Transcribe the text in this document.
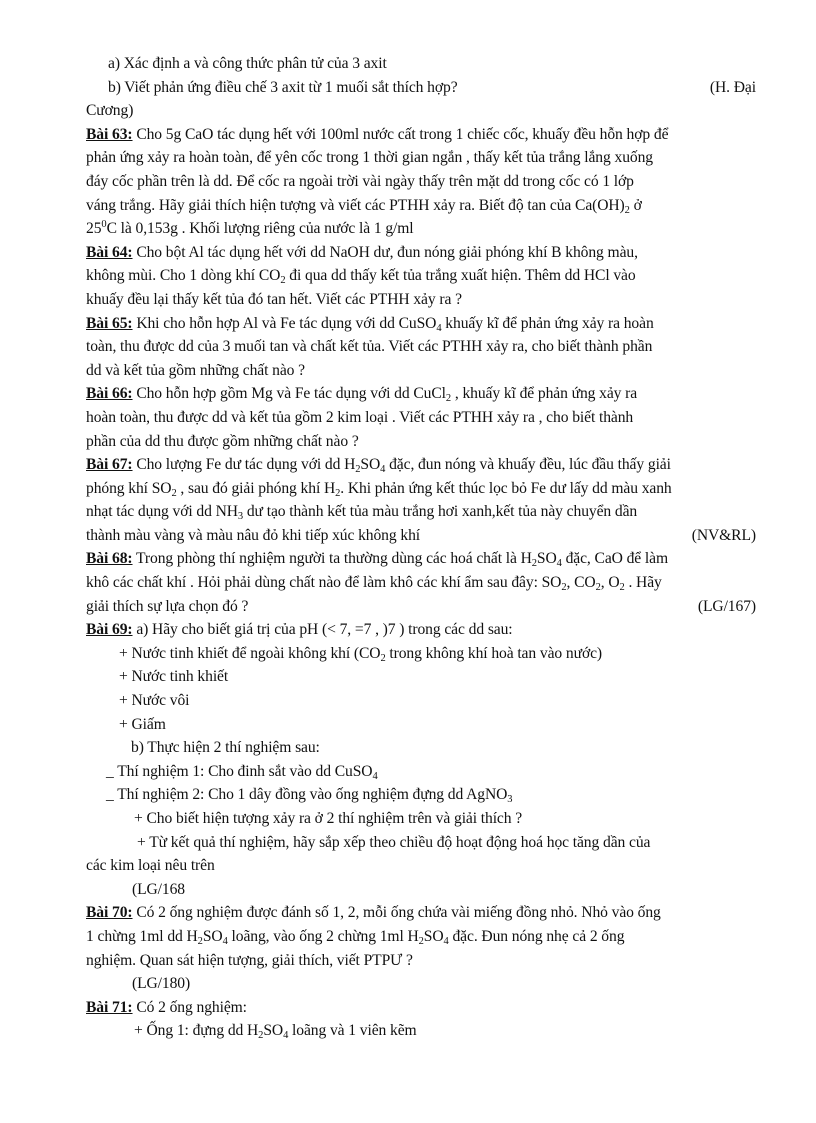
a) Xác định a và công thức phân tử của 3 axit
b) Viết phản ứng điều chế 3 axit từ 1 muối sắt thích hợp?	(H. Đại
Cương)
Bài 63: Cho 5g CaO tác dụng hết với 100ml nước cất trong 1 chiếc cốc, khuấy đều hỗn hợp để
phản ứng xảy ra hoàn toàn, để yên cốc trong 1 thời gian ngắn , thấy kết tủa trắng lắng xuống
đáy cốc phần trên là dd. Để cốc ra ngoài trời vài ngày thấy trên mặt dd trong cốc có 1 lớp
váng trắng. Hãy giải thích hiện tượng và viết các PTHH xảy ra. Biết độ tan của $Ca(OH)_2$ ở
$25^0C$ là 0,153g . Khối lượng riêng của nước là 1 g/ml
Bài 64: Cho bột Al tác dụng hết với dd NaOH dư, đun nóng giải phóng khí B không màu,
không mùi. Cho 1 dòng khí $CO_2$ đi qua dd thấy kết tủa trắng xuất hiện. Thêm dd HCl vào
khuấy đều lại thấy kết tủa đó tan hết. Viết các PTHH xảy ra ?
Bài 65: Khi cho hỗn hợp Al và Fe tác dụng với dd CuSO$_4$ khuấy kĩ để phản ứng xảy ra hoàn
toàn, thu được dd của 3 muối tan và chất kết tủa. Viết các PTHH xảy ra, cho biết thành phần
dd và kết tủa gồm những chất nào ?
Bài 66: Cho hỗn hợp gồm Mg và Fe tác dụng với dd CuCl$_2$ , khuấy kĩ để phản ứng xảy ra
hoàn toàn, thu được dd và kết tủa gồm 2 kim loại . Viết các PTHH xảy ra , cho biết thành
phần của dd thu được gồm những chất nào ?
Bài 67: Cho lượng Fe dư tác dụng với dd $H_2SO_4$ đặc, đun nóng và khuấy đều, lúc đầu thấy giải
phóng khí $SO_2$ , sau đó giải phóng khí $H_2$. Khi phản ứng kết thúc lọc bỏ Fe dư lấy dd màu xanh
nhạt tác dụng với dd $NH_3$ dư tạo thành kết tủa màu trắng hơi xanh,kết tủa này chuyển dần
thành màu vàng và màu nâu đỏ khi tiếp xúc không khí	(NV&RL)
Bài 68: Trong phòng thí nghiệm người ta thường dùng các hoá chất là $H_2SO_4$ đặc, CaO để làm
khô các chất khí . Hỏi phải dùng chất nào để làm khô các khí ẩm sau đây: $SO_2$, $CO_2$, $O_2$ . Hãy
giải thích sự lựa chọn đó ?	(LG/167)
Bài 69: a) Hãy cho biết giá trị của pH (< 7, =7 , )7 ) trong các dd sau:
+ Nước tinh khiết để ngoài không khí ($CO_2$ trong không khí hoà tan vào nước)
+ Nước tinh khiết
+ Nước vôi
+ Giấm
b) Thực hiện 2 thí nghiệm sau:
_ Thí nghiệm 1: Cho đinh sắt vào dd CuSO$_4$
_ Thí nghiệm 2: Cho 1 dây đồng vào ống nghiệm đựng dd AgNO$_3$
+ Cho biết hiện tượng xảy ra ở 2 thí nghiệm trên và giải thích ?
+ Từ kết quả thí nghiệm, hãy sắp xếp theo chiều độ hoạt động hoá học tăng dần của
các kim loại nêu trên
(LG/168
Bài 70: Có 2 ống nghiệm được đánh số 1, 2, mỗi ống chứa vài miếng đồng nhỏ. Nhỏ vào ống
1 chừng 1ml dd $H_2SO_4$ loãng, vào ống 2 chừng 1ml $H_2SO_4$ đặc. Đun nóng nhẹ cả 2 ống
nghiệm. Quan sát hiện tượng, giải thích, viết PTPƯ ?
(LG/180)
Bài 71: Có 2 ống nghiệm:
+ Ống 1: đựng dd $H_2SO_4$ loãng và 1 viên kẽm
